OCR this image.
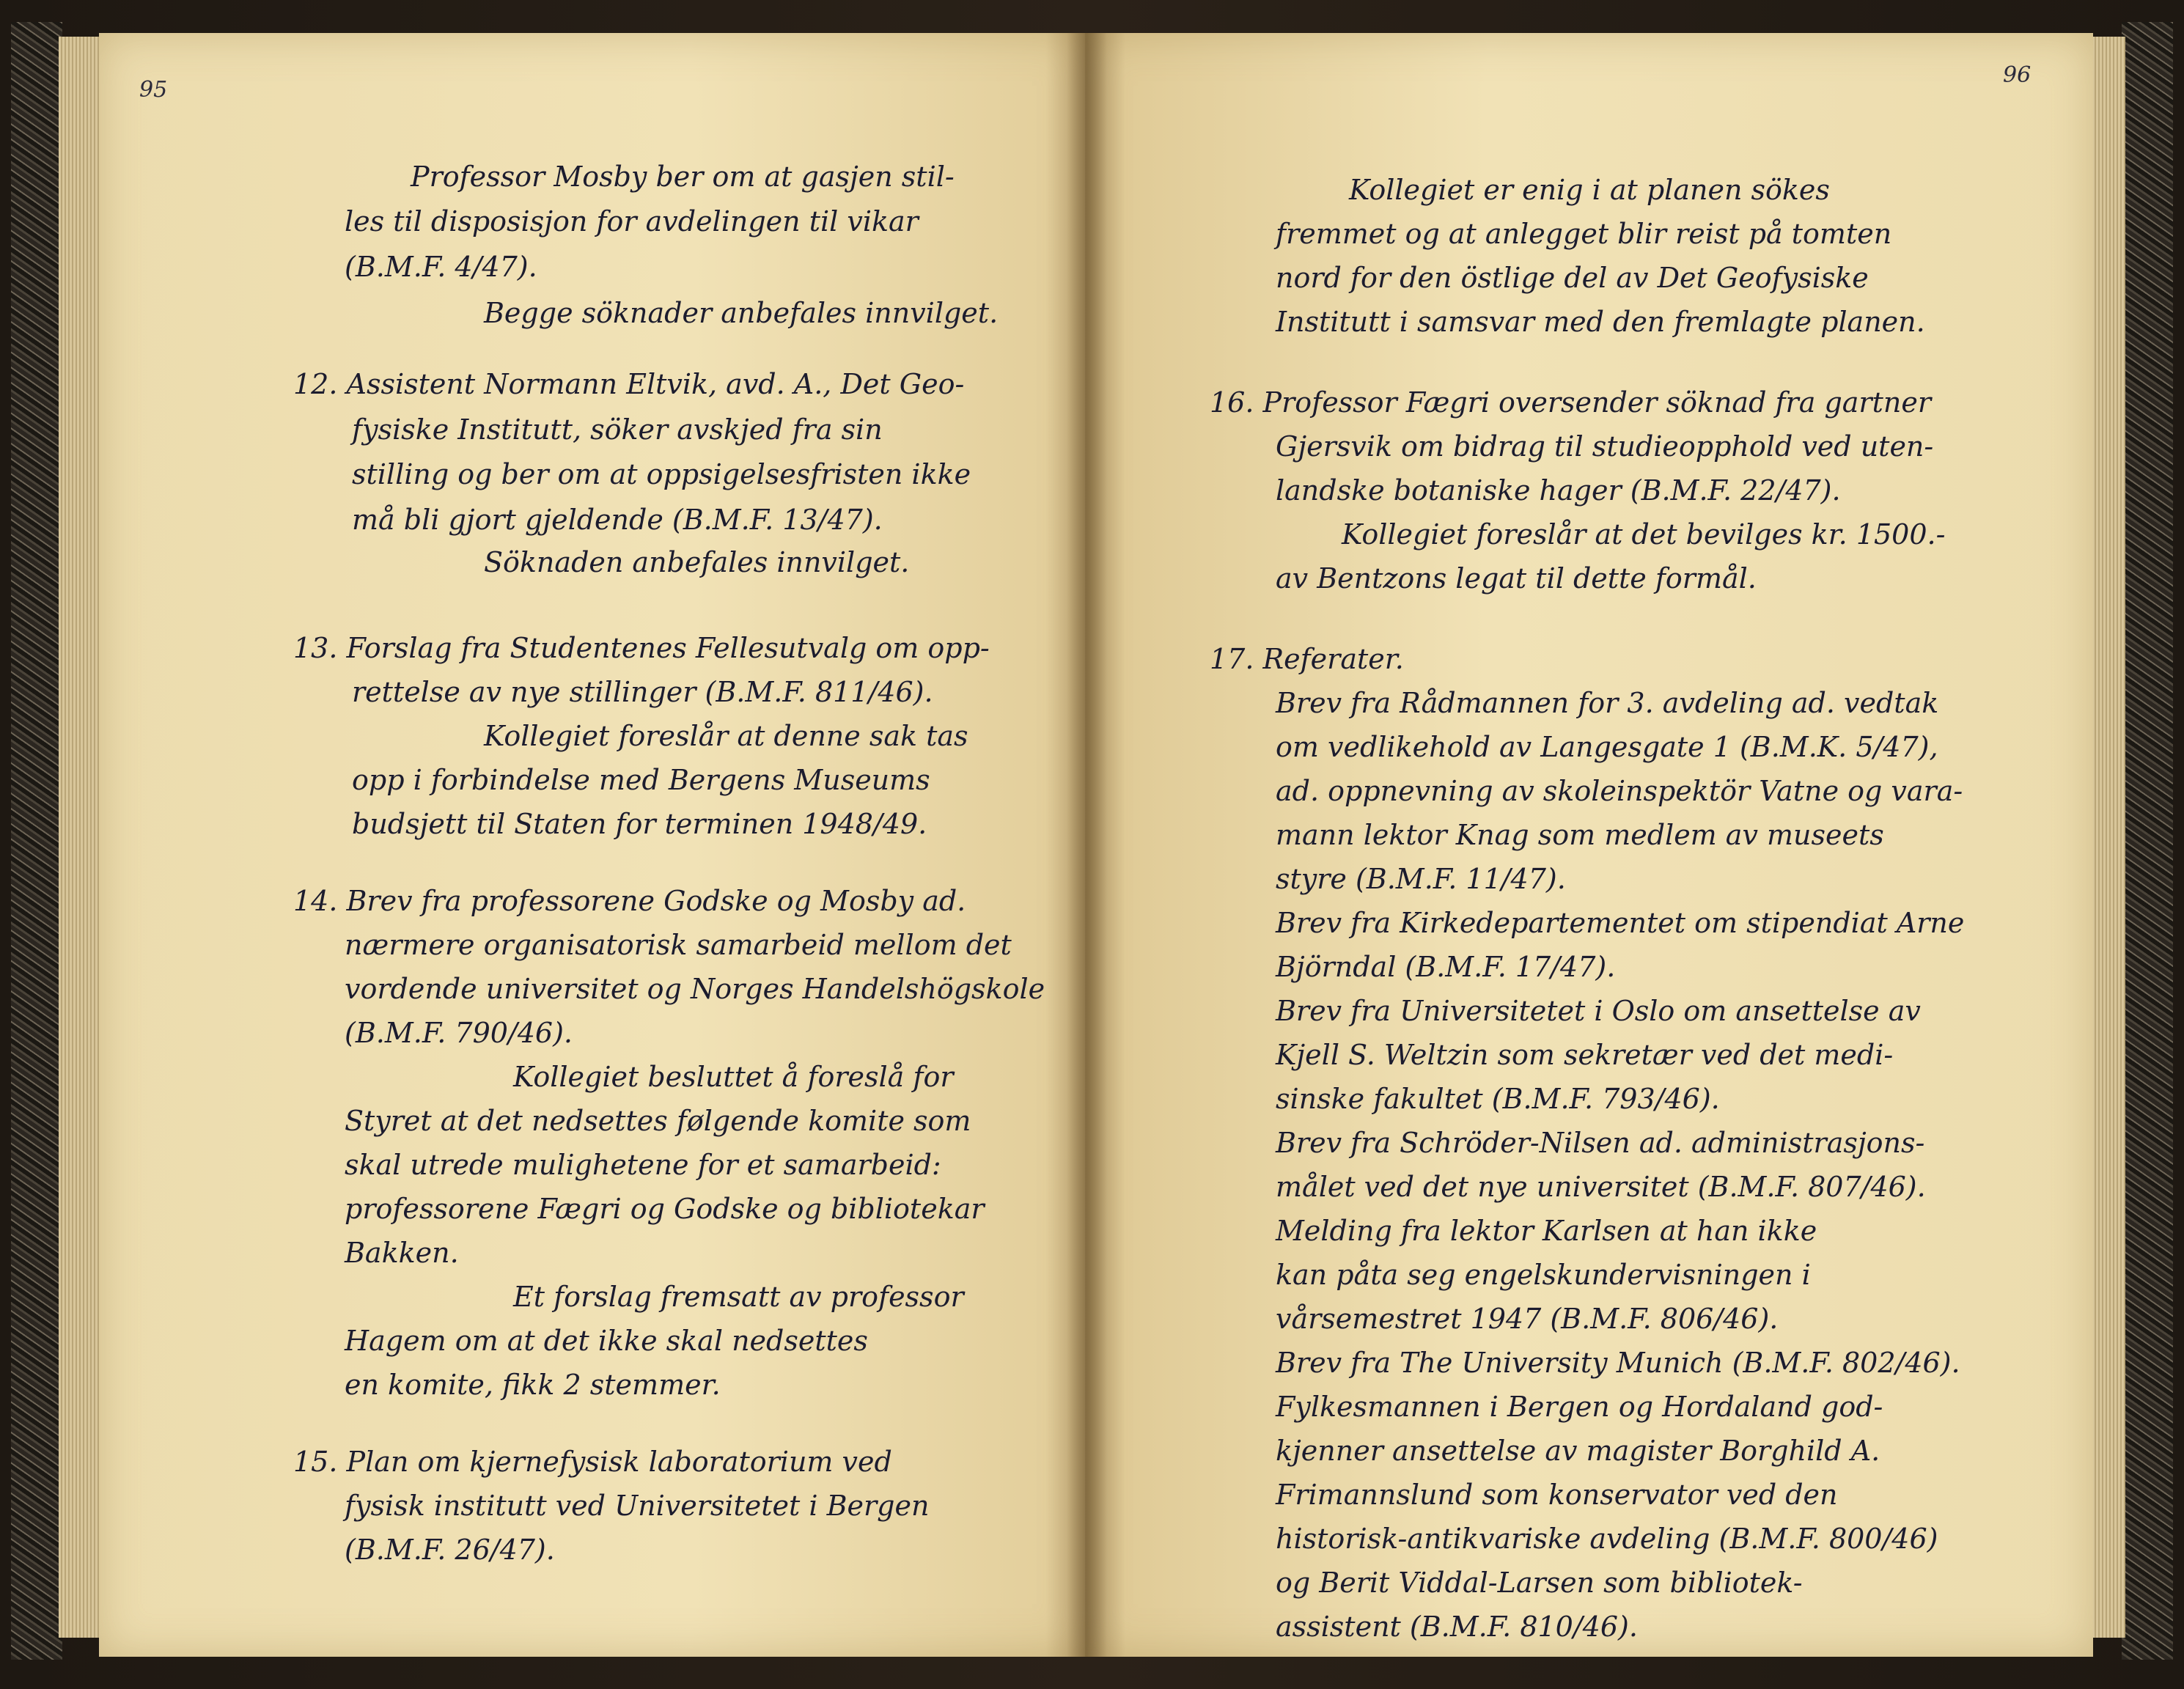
95
96

Professor Mosby ber om at gasjen stil-

les til disposisjon for avdelingen til vikar

(B.M.F. 4/47).

Begge söknader anbefales innvilget.

12. Assistent Normann Eltvik, avd. A., Det Geo-

fysiske Institutt, söker avskjed fra sin

stilling og ber om at oppsigelsesfristen ikke

må bli gjort gjeldende (B.M.F. 13/47).

Söknaden anbefales innvilget.

13. Forslag fra Studentenes Fellesutvalg om opp-

rettelse av nye stillinger (B.M.F. 811/46).

Kollegiet foreslår at denne sak tas

opp i forbindelse med Bergens Museums

budsjett til Staten for terminen 1948/49.

14. Brev fra professorene Godske og Mosby ad.

nærmere organisatorisk samarbeid mellom det

vordende universitet og Norges Handelshögskole

(B.M.F. 790/46).

Kollegiet besluttet å foreslå for

Styret at det nedsettes følgende komite som

skal utrede mulighetene for et samarbeid:

professorene Fægri og Godske og bibliotekar

Bakken.

Et forslag fremsatt av professor

Hagem om at det ikke skal nedsettes

en komite, fikk 2 stemmer.

15. Plan om kjernefysisk laboratorium ved

fysisk institutt ved Universitetet i Bergen

(B.M.F. 26/47).

Kollegiet er enig i at planen sökes

fremmet og at anlegget blir reist på tomten

nord for den östlige del av Det Geofysiske

Institutt i samsvar med den fremlagte planen.

16. Professor Fægri oversender söknad fra gartner

Gjersvik om bidrag til studieopphold ved uten-

landske botaniske hager (B.M.F. 22/47).

Kollegiet foreslår at det bevilges kr. 1500.-

av Bentzons legat til dette formål.

17. Referater.

Brev fra Rådmannen for 3. avdeling ad. vedtak

om vedlikehold av Langesgate 1 (B.M.K. 5/47),

ad. oppnevning av skoleinspektör Vatne og vara-

mann lektor Knag som medlem av museets

styre (B.M.F. 11/47).

Brev fra Kirkedepartementet om stipendiat Arne

Björndal (B.M.F. 17/47).

Brev fra Universitetet i Oslo om ansettelse av

Kjell S. Weltzin som sekretær ved det medi-

sinske fakultet (B.M.F. 793/46).

Brev fra Schröder-Nilsen ad. administrasjons-

målet ved det nye universitet (B.M.F. 807/46).

Melding fra lektor Karlsen at han ikke

kan påta seg engelskundervisningen i

vårsemestret 1947 (B.M.F. 806/46).

Brev fra The University Munich (B.M.F. 802/46).

Fylkesmannen i Bergen og Hordaland god-

kjenner ansettelse av magister Borghild A.

Frimannslund som konservator ved den

historisk-antikvariske avdeling (B.M.F. 800/46)

og Berit Viddal-Larsen som bibliotek-

assistent (B.M.F. 810/46).
